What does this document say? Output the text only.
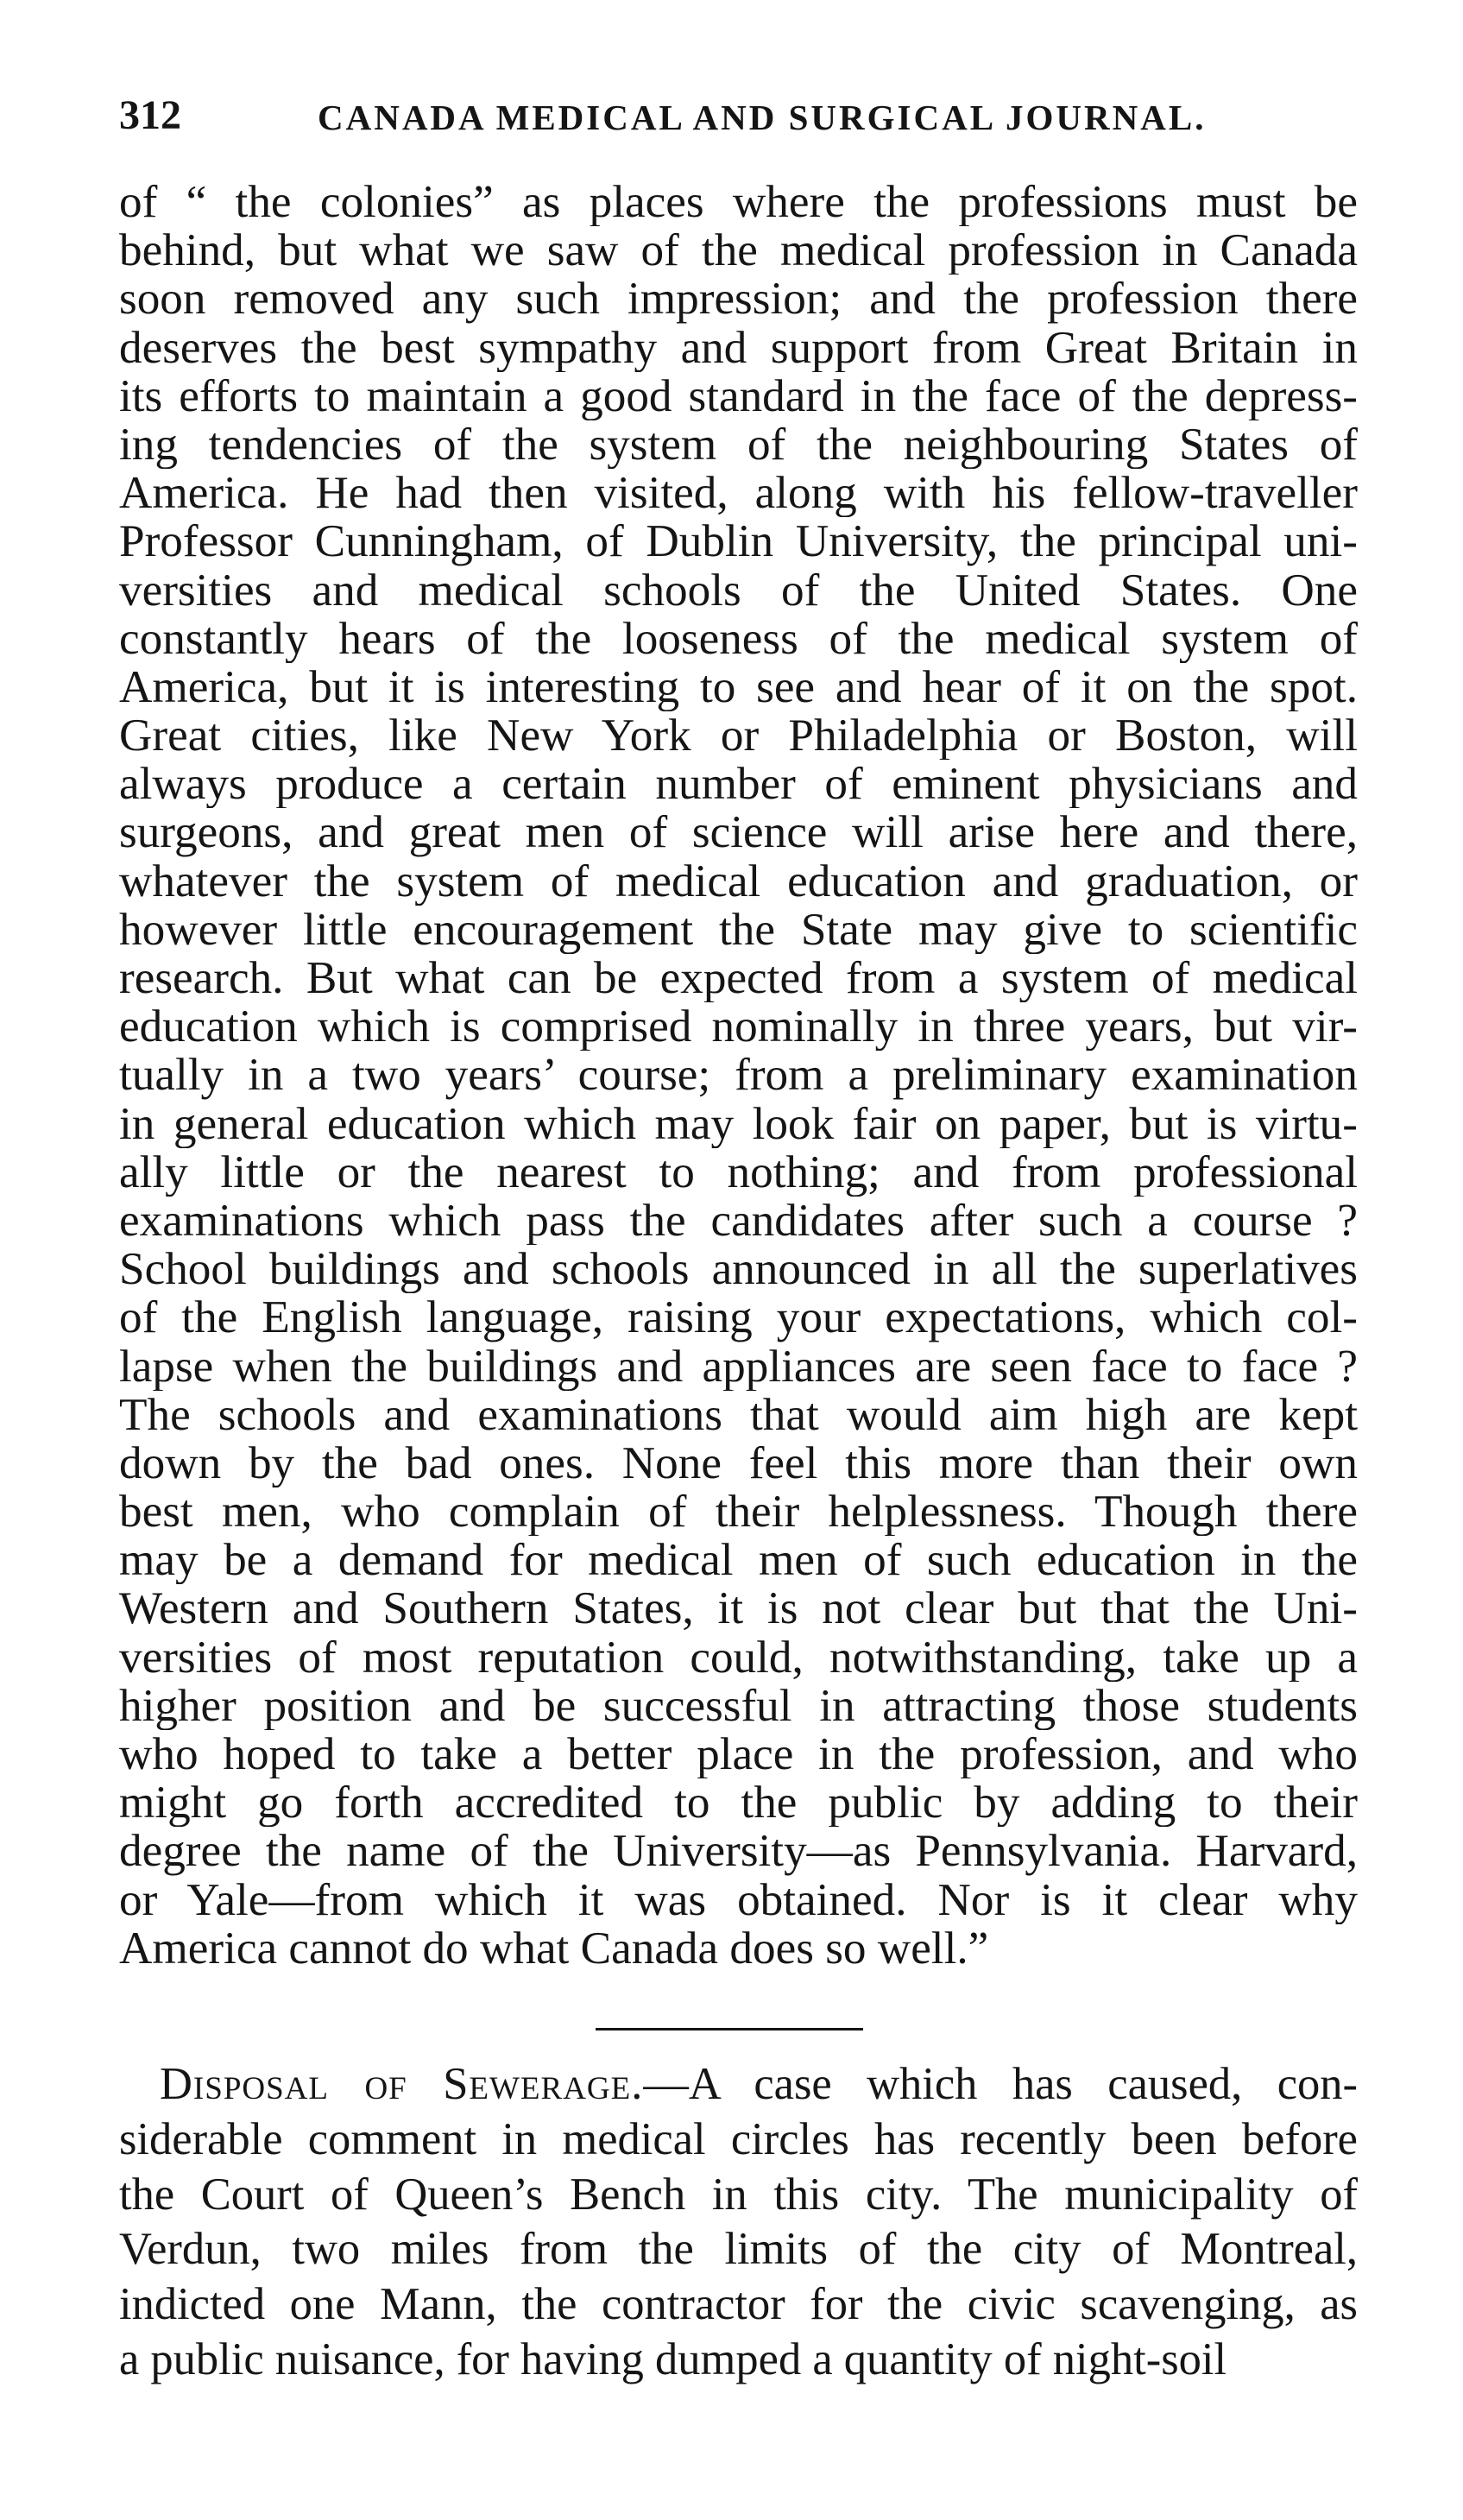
312	CANADA MEDICAL AND SURGICAL JOURNAL.
of “ the colonies” as places where the professions must be
behind, but what we saw of the medical profession in Canada
soon removed any such impression; and the profession there
deserves the best sympathy and support from Great Britain in
its efforts to maintain a good standard in the face of the depress-
ing tendencies of the system of the neighbouring States of
America. He had then visited, along with his fellow-traveller
Professor Cunningham, of Dublin University, the principal uni-
versities and medical schools of the United States. One
constantly hears of the looseness of the medical system of
America, but it is interesting to see and hear of it on the spot.
Great cities, like New York or Philadelphia or Boston, will
always produce a certain number of eminent physicians and
surgeons, and great men of science will arise here and there,
whatever the system of medical education and graduation, or
however little encouragement the State may give to scientific
research. But what can be expected from a system of medical
education which is comprised nominally in three years, but vir-
tually in a two years’ course; from a preliminary examination
in general education which may look fair on paper, but is virtu-
ally little or the nearest to nothing; and from professional
examinations which pass the candidates after such a course ?
School buildings and schools announced in all the superlatives
of the English language, raising your expectations, which col-
lapse when the buildings and appliances are seen face to face ?
The schools and examinations that would aim high are kept
down by the bad ones. None feel this more than their own
best men, who complain of their helplessness. Though there
may be a demand for medical men of such education in the
Western and Southern States, it is not clear but that the Uni-
versities of most reputation could, notwithstanding, take up a
higher position and be successful in attracting those students
who hoped to take a better place in the profession, and who
might go forth accredited to the public by adding to their
degree the name of the University—as Pennsylvania. Harvard,
or Yale—from which it was obtained. Nor is it clear why
America cannot do what Canada does so well.”
Disposal of Sewerage.—A case which has caused, con-
siderable comment in medical circles has recently been before
the Court of Queen’s Bench in this city. The municipality of
Verdun, two miles from the limits of the city of Montreal,
indicted one Mann, the contractor for the civic scavenging, as
a public nuisance, for having dumped a quantity of night-soil
